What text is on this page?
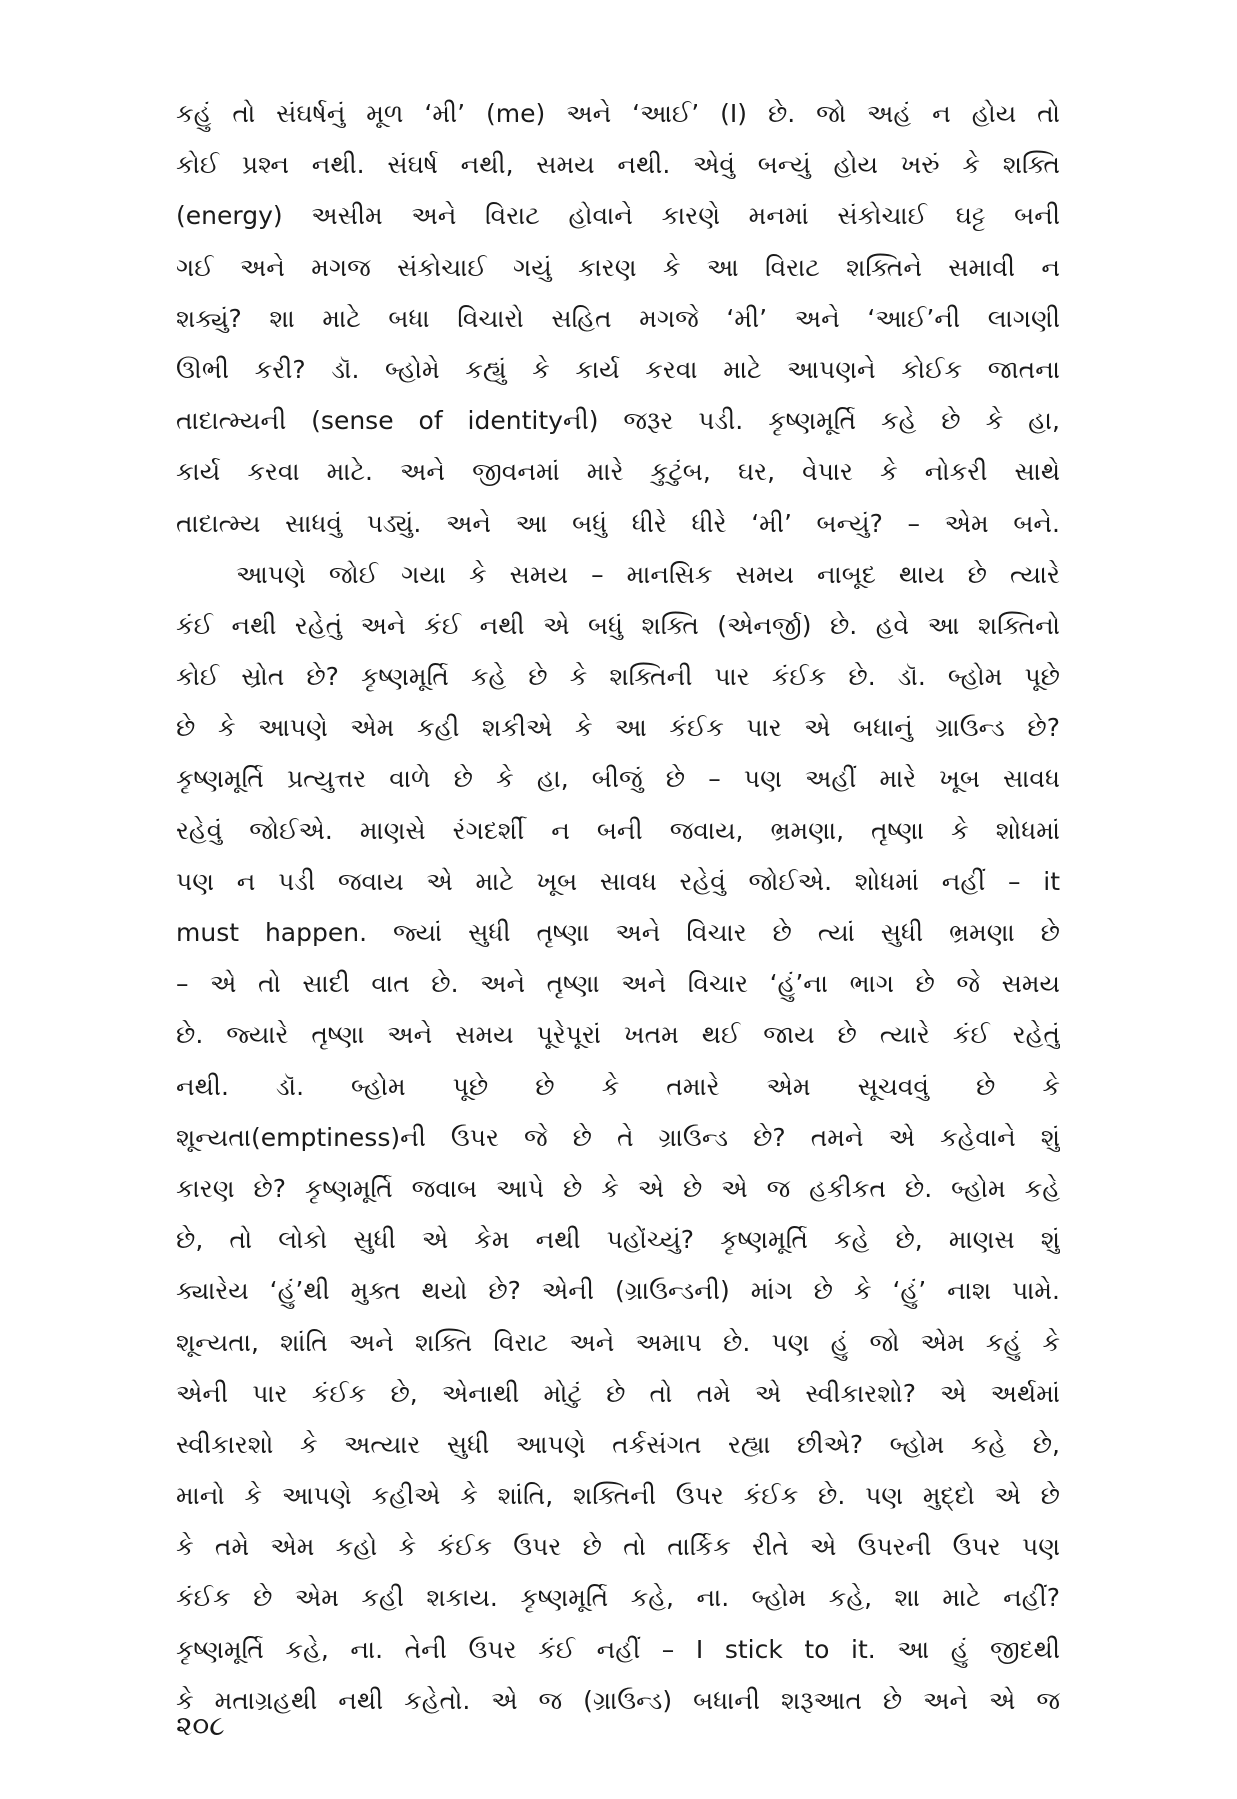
કહું તો સંઘર્ષનું મૂળ ‘મી’ (me) અને ‘આઈ’ (I) છે. જો અહં ન હોય તો
કોઈ પ્રશ્ન નથી. સંઘર્ષ નથી, સમય નથી. એવું બન્યું હોય ખરું કે શક્તિ
(energy) અસીમ અને વિરાટ હોવાને કારણે મનમાં સંકોચાઈ ઘટ્ટ બની
ગઈ અને મગજ સંકોચાઈ ગયું કારણ કે આ વિરાટ શક્તિને સમાવી ન
શક્યું? શા માટે બધા વિચારો સહિત મગજે ‘મી’ અને ‘આઈ’ની લાગણી
ઊભી કરી? ડૉ. બ્હોમે કહ્યું કે કાર્ય કરવા માટે આપણને કોઈક જાતના
તાદાત્મ્યની (sense of identityની) જરૂર પડી. કૃષ્ણમૂર્તિ કહે છે કે હા,
કાર્ય કરવા માટે. અને જીવનમાં મારે કુટુંબ, ઘર, વેપાર કે નોકરી સાથે
તાદાત્મ્ય સાધવું પડ્યું. અને આ બધું ધીરે ધીરે ‘મી’ બન્યું? – એમ બને.
આપણે જોઈ ગયા કે સમય – માનસિક સમય નાબૂદ થાય છે ત્યારે
કંઈ નથી રહેતું અને કંઈ નથી એ બધું શક્તિ (એનર્જી) છે. હવે આ શક્તિનો
કોઈ સ્રોત છે? કૃષ્ણમૂર્તિ કહે છે કે શક્તિની પાર કંઈક છે. ડૉ. બ્હોમ પૂછે
છે કે આપણે એમ કહી શકીએ કે આ કંઈક પાર એ બધાનું ગ્રાઉન્ડ છે?
કૃષ્ણમૂર્તિ પ્રત્યુત્તર વાળે છે કે હા, બીજું છે – પણ અહીં મારે ખૂબ સાવધ
રહેવું જોઈએ. માણસે રંગદર્શી ન બની જવાય, ભ્રમણા, તૃષ્ણા કે શોધમાં
પણ ન પડી જવાય એ માટે ખૂબ સાવધ રહેવું જોઈએ. શોધમાં નહીં – it
must happen. જ્યાં સુધી તૃષ્ણા અને વિચાર છે ત્યાં સુધી ભ્રમણા છે
– એ તો સાદી વાત છે. અને તૃષ્ણા અને વિચાર ‘હું’ના ભાગ છે જે સમય
છે. જ્યારે તૃષ્ણા અને સમય પૂરેપૂરાં ખતમ થઈ જાય છે ત્યારે કંઈ રહેતું
નથી. ડૉ. બ્હોમ પૂછે છે કે તમારે એમ સૂચવવું છે કે
શૂન્યતા(emptiness)ની ઉપર જે છે તે ગ્રાઉન્ડ છે? તમને એ કહેવાને શું
કારણ છે? કૃષ્ણમૂર્તિ જવાબ આપે છે કે એ છે એ જ હકીકત છે. બ્હોમ કહે
છે, તો લોકો સુધી એ કેમ નથી પહોંચ્યું? કૃષ્ણમૂર્તિ કહે છે, માણસ શું
ક્યારેય ‘હું’થી મુક્ત થયો છે? એની (ગ્રાઉન્ડની) માંગ છે કે ‘હું’ નાશ પામે.
શૂન્યતા, શાંતિ અને શક્તિ વિરાટ અને અમાપ છે. પણ હું જો એમ કહું કે
એની પાર કંઈક છે, એનાથી મોટું છે તો તમે એ સ્વીકારશો? એ અર્થમાં
સ્વીકારશો કે અત્યાર સુધી આપણે તર્કસંગત રહ્યા છીએ? બ્હોમ કહે છે,
માનો કે આપણે કહીએ કે શાંતિ, શક્તિની ઉપર કંઈક છે. પણ મુદ્દો એ છે
કે તમે એમ કહો કે કંઈક ઉપર છે તો તાર્કિક રીતે એ ઉપરની ઉપર પણ
કંઈક છે એમ કહી શકાય. કૃષ્ણમૂર્તિ કહે, ના. બ્હોમ કહે, શા માટે નહીં?
કૃષ્ણમૂર્તિ કહે, ના. તેની ઉપર કંઈ નહીં – I stick to it. આ હું જીદથી
કે મતાગ્રહથી નથી કહેતો. એ જ (ગ્રાઉન્ડ) બધાની શરૂઆત છે અને એ જ
૨૦૮
